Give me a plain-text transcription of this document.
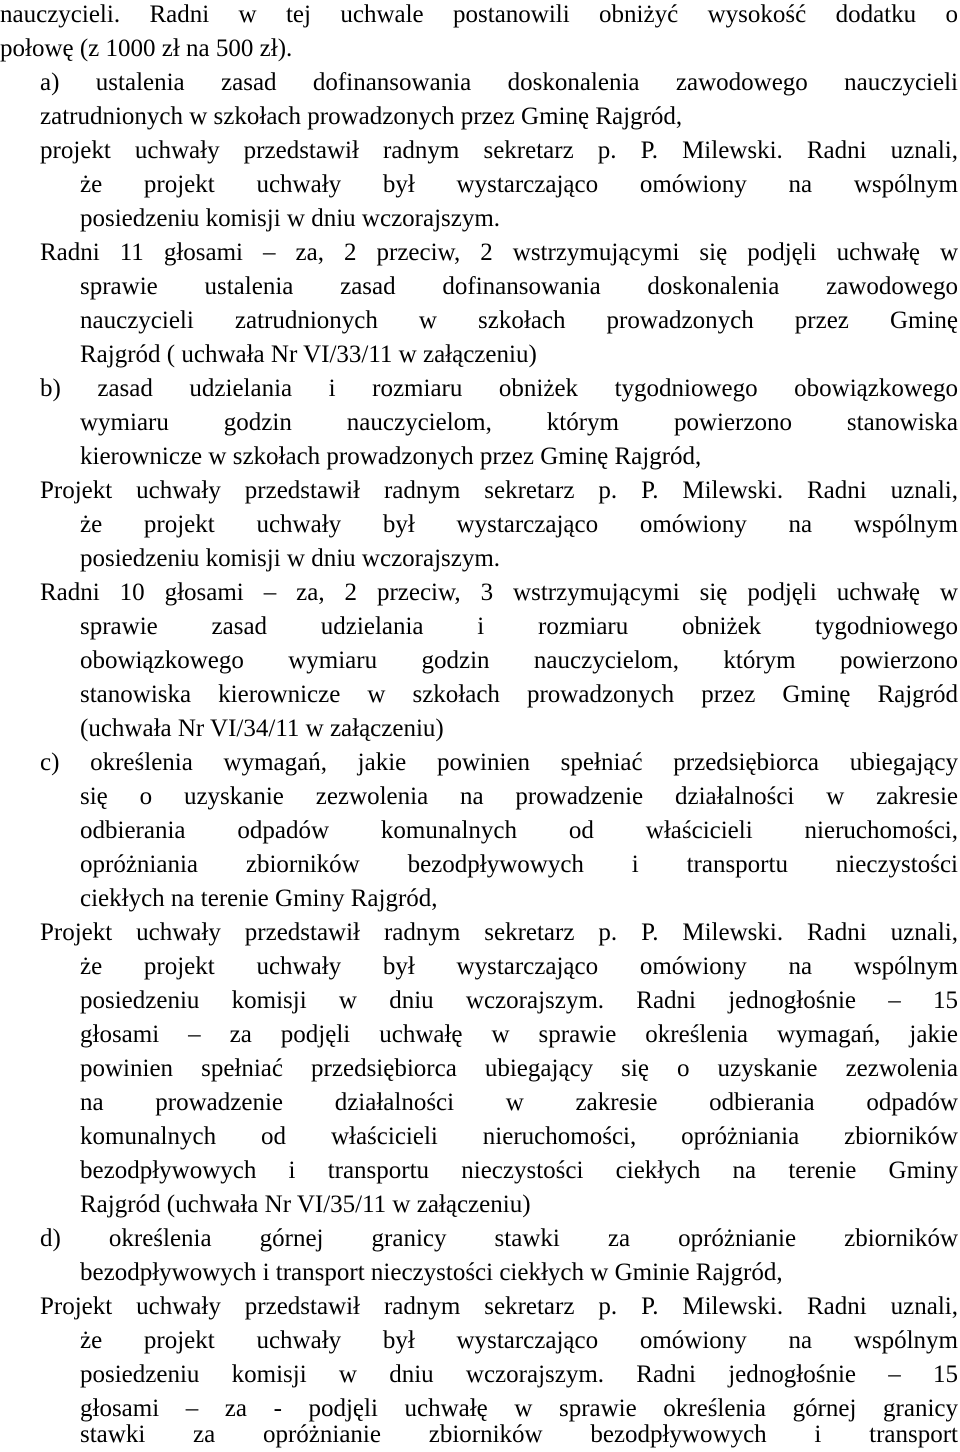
nauczycieli. Radni w tej uchwale postanowili obniżyć wysokość dodatku o
połowę (z 1000 zł na 500 zł).
a) ustalenia zasad dofinansowania doskonalenia zawodowego nauczycieli
zatrudnionych w szkołach prowadzonych przez Gminę Rajgród,
projekt uchwały przedstawił radnym sekretarz p. P. Milewski. Radni uznali,
że projekt uchwały był wystarczająco omówiony na wspólnym
posiedzeniu komisji w dniu wczorajszym.
Radni 11 głosami – za, 2 przeciw, 2 wstrzymującymi się podjęli uchwałę w
sprawie ustalenia zasad dofinansowania doskonalenia zawodowego
nauczycieli zatrudnionych w szkołach prowadzonych przez Gminę
Rajgród ( uchwała Nr VI/33/11 w załączeniu)
b) zasad udzielania i rozmiaru obniżek tygodniowego obowiązkowego
wymiaru godzin nauczycielom, którym powierzono stanowiska
kierownicze w szkołach prowadzonych przez Gminę Rajgród,
Projekt uchwały przedstawił radnym sekretarz p. P. Milewski. Radni uznali,
że projekt uchwały był wystarczająco omówiony na wspólnym
posiedzeniu komisji w dniu wczorajszym.
Radni 10 głosami – za, 2 przeciw, 3 wstrzymującymi się podjęli uchwałę w
sprawie zasad udzielania i rozmiaru obniżek tygodniowego
obowiązkowego wymiaru godzin nauczycielom, którym powierzono
stanowiska kierownicze w szkołach prowadzonych przez Gminę Rajgród
(uchwała Nr VI/34/11 w załączeniu)
c) określenia wymagań, jakie powinien spełniać przedsiębiorca ubiegający
się o uzyskanie zezwolenia na prowadzenie działalności w zakresie
odbierania odpadów komunalnych od właścicieli nieruchomości,
opróżniania zbiorników bezodpływowych i transportu nieczystości
ciekłych na terenie Gminy Rajgród,
Projekt uchwały przedstawił radnym sekretarz p. P. Milewski. Radni uznali,
że projekt uchwały był wystarczająco omówiony na wspólnym
posiedzeniu komisji w dniu wczorajszym. Radni jednogłośnie – 15
głosami – za podjęli uchwałę w sprawie określenia wymagań, jakie
powinien spełniać przedsiębiorca ubiegający się o uzyskanie zezwolenia
na prowadzenie działalności w zakresie odbierania odpadów
komunalnych od właścicieli nieruchomości, opróżniania zbiorników
bezodpływowych i transportu nieczystości ciekłych na terenie Gminy
Rajgród (uchwała Nr VI/35/11 w załączeniu)
d) określenia górnej granicy stawki za opróżnianie zbiorników
bezodpływowych i transport nieczystości ciekłych w Gminie Rajgród,
Projekt uchwały przedstawił radnym sekretarz p. P. Milewski. Radni uznali,
że projekt uchwały był wystarczająco omówiony na wspólnym
posiedzeniu komisji w dniu wczorajszym. Radni jednogłośnie – 15
głosami – za - podjęli uchwałę w sprawie określenia górnej granicy
stawki za opróżnianie zbiorników bezodpływowych i transport
